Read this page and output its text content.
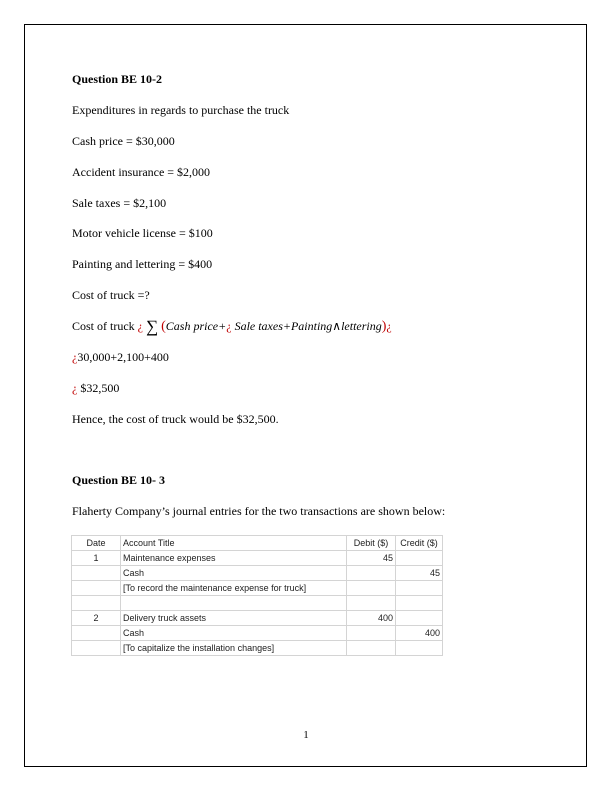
Question BE 10-2
Expenditures in regards to purchase the truck
Cash price = $30,000
Accident insurance = $2,000
Sale taxes = $2,100
Motor vehicle license = $100
Painting and lettering = $400
Cost of truck =?
Cost of truck ¿ ∑ (Cash price+¿ Sale taxes+Painting∧lettering)¿
¿30,000+2,100+400
¿ $32,500
Hence, the cost of truck would be $32,500.
Question BE 10- 3
Flaherty Company’s journal entries for the two transactions are shown below:
Date	Account Title	Debit ($)	Credit ($)
1	Maintenance expenses	45	
	Cash		45
	[To record the maintenance expense for truck]		

2	Delivery truck assets	400	
	Cash		400
	[To capitalize the installation changes]		
1
